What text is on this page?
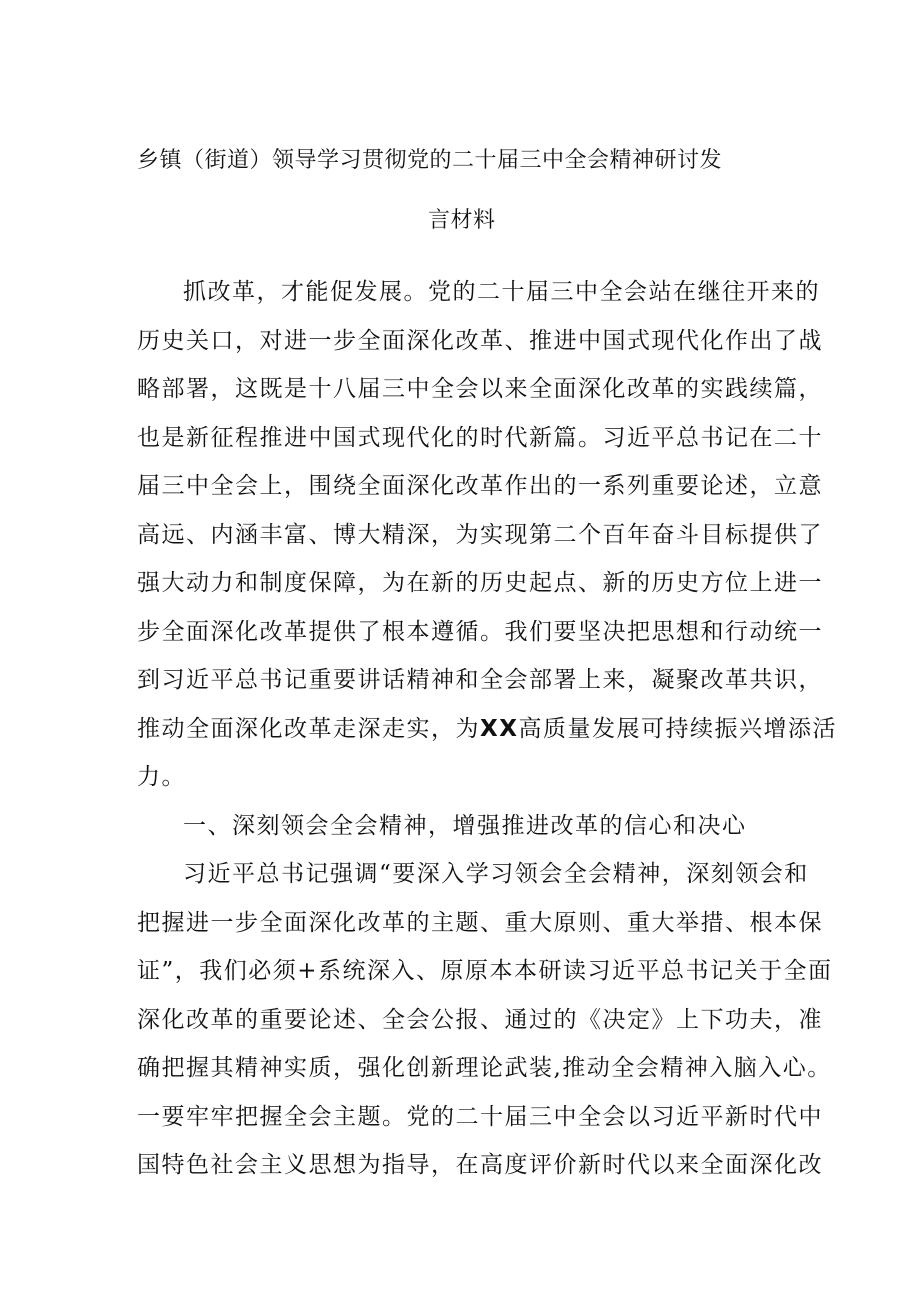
乡镇（街道）领导学习贯彻党的二十届三中全会精神研讨发
言材料
抓改革，才能促发展。党的二十届三中全会站在继往开来的
历史关口，对进一步全面深化改革、推进中国式现代化作出了战
略部署，这既是十八届三中全会以来全面深化改革的实践续篇，
也是新征程推进中国式现代化的时代新篇。习近平总书记在二十
届三中全会上，围绕全面深化改革作出的一系列重要论述，立意
高远、内涵丰富、博大精深，为实现第二个百年奋斗目标提供了
强大动力和制度保障，为在新的历史起点、新的历史方位上进一
步全面深化改革提供了根本遵循。我们要坚决把思想和行动统一
到习近平总书记重要讲话精神和全会部署上来，凝聚改革共识，
推动全面深化改革走深走实，为XX高质量发展可持续振兴增添活
力。
一、深刻领会全会精神，增强推进改革的信心和决心
习近平总书记强调“要深入学习领会全会精神，深刻领会和
把握进一步全面深化改革的主题、重大原则、重大举措、根本保
证”，我们必须+系统深入、原原本本研读习近平总书记关于全面
深化改革的重要论述、全会公报、通过的《决定》上下功夫，准
确把握其精神实质，强化创新理论武装,推动全会精神入脑入心。
一要牢牢把握全会主题。党的二十届三中全会以习近平新时代中
国特色社会主义思想为指导，在高度评价新时代以来全面深化改
